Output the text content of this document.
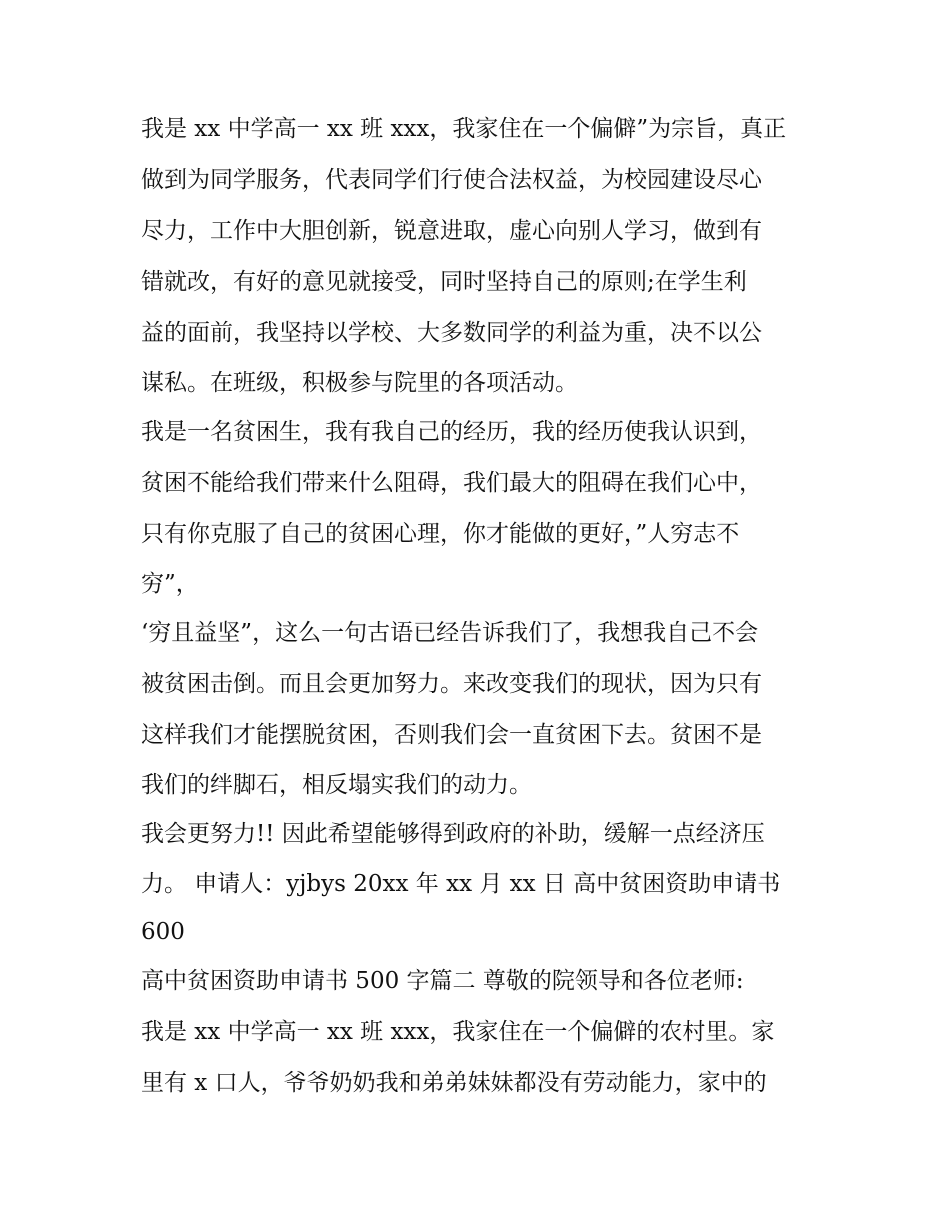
我是 xx 中学高一 xx 班 xxx，我家住在一个偏僻”为宗旨，真正
做到为同学服务，代表同学们行使合法权益，为校园建设尽心
尽力，工作中大胆创新，锐意进取，虚心向别人学习，做到有
错就改，有好的意见就接受，同时坚持自己的原则;在学生利
益的面前，我坚持以学校、大多数同学的利益为重，决不以公
谋私。在班级，积极参与院里的各项活动。
我是一名贫困生，我有我自己的经历，我的经历使我认识到，
贫困不能给我们带来什么阻碍，我们最大的阻碍在我们心中，
只有你克服了自己的贫困心理，你才能做的更好，”人穷志不
穷”，
‘穷且益坚”，这么一句古语已经告诉我们了，我想我自己不会
被贫困击倒。而且会更加努力。来改变我们的现状，因为只有
这样我们才能摆脱贫困，否则我们会一直贫困下去。贫困不是
我们的绊脚石，相反塌实我们的动力。
我会更努力!! 因此希望能够得到政府的补助，缓解一点经济压
力。 申请人：yjbys 20xx 年 xx 月 xx 日 高中贫困资助申请书
600
高中贫困资助申请书 500 字篇二 尊敬的院领导和各位老师:
我是 xx 中学高一 xx 班 xxx，我家住在一个偏僻的农村里。家
里有 x 口人，爷爷奶奶我和弟弟妹妹都没有劳动能力，家中的
